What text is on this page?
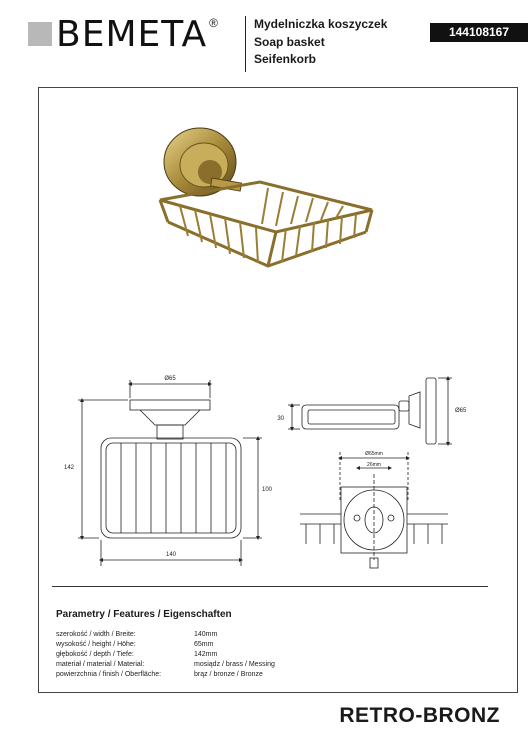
BEMETA ®	Mydelniczka koszyczek
Soap basket
Seifenkorb
144108167
Ø65
142
100
140
30
Ø65
Ø65mm
26mm
Parametry / Features / Eigenschaften
szerokość / width / Breite:	140mm
wysokość / height / Höhe:	65mm
głębokość / depth / Tiefe:	142mm
materiał / material / Material:	mosiądz / brass / Messing
powierzchnia / finish / Oberfläche:	brąz / bronze / Bronze
RETRO-BRONZ
